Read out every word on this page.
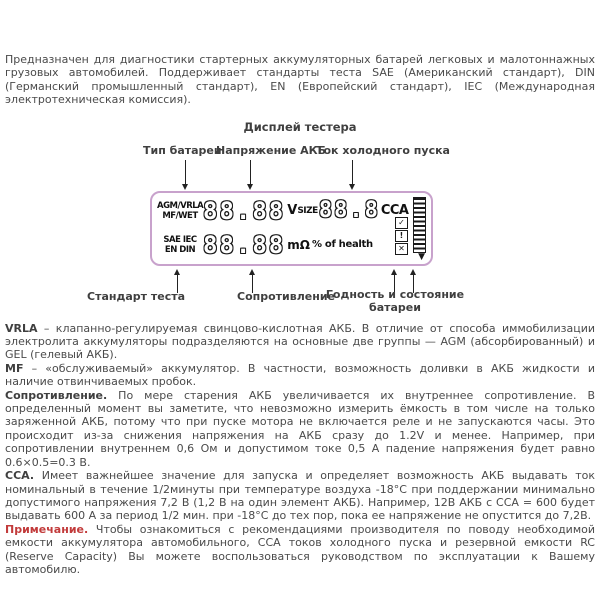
Предназначен для диагностики стартерных аккумуляторных батарей легковых и малотоннажных грузовых автомобилей. Поддерживает стандарты теста SAE (Американский стандарт), DIN (Германский промышленный стандарт), EN (Европейский стандарт), IEC (Международная электротехническая комиссия).

Дисплей тестера
Тип батареи
Напряжение АКБ
Ток холодного пуска
AGM/VRLA
MF/WET 88.88 V SIZE 88.8 CCA
SAE IEC
EN DIN 88.88 mΩ % of health
✓
!
✕
▼
Стандарт теста	Сопротивление
Годность и состояние
батареи

VRLA – клапанно-регулируемая свинцово-кислотная АКБ. В отличие от способа иммобилизации электролита аккумуляторы подразделяются на основные две группы — AGM (абсорбированный) и GEL (гелевый АКБ).

MF – «обслуживаемый» аккумулятор. В частности, возможность доливки в АКБ жидкости и наличие отвинчиваемых пробок.

Сопротивление. По мере старения АКБ увеличивается их внутреннее сопротивление. В определенный момент вы заметите, что невозможно измерить ёмкость в том числе на только заряженной АКБ, потому что при пуске мотора не включается реле и не запускаются часы. Это происходит из-за снижения напряжения на АКБ сразу до 1.2V и менее. Например, при сопротивлении внутреннем 0,6 Ом и допустимом токе 0,5 А падение напряжения будет равно 0.6×0.5=0.3 В.

CCA. Имеет важнейшее значение для запуска и определяет возможность АКБ выдавать ток номинальный в течение 1/2минуты при температуре воздуха -18°С при поддержании минимально допустимого напряжения 7,2 В (1,2 В на один элемент АКБ). Например, 12В АКБ с ССА = 600 будет выдавать 600 А за период 1/2 мин. при -18°С до тех пор, пока ее напряжение не опустится до 7,2В.

Примечание. Чтобы ознакомиться с рекомендациями производителя по поводу необходимой емкости аккумулятора автомобильного, ССА токов холодного пуска и резервной емкости RC (Reserve Capacity) Вы можете воспользоваться руководством по эксплуатации к Вашему автомобилю.
